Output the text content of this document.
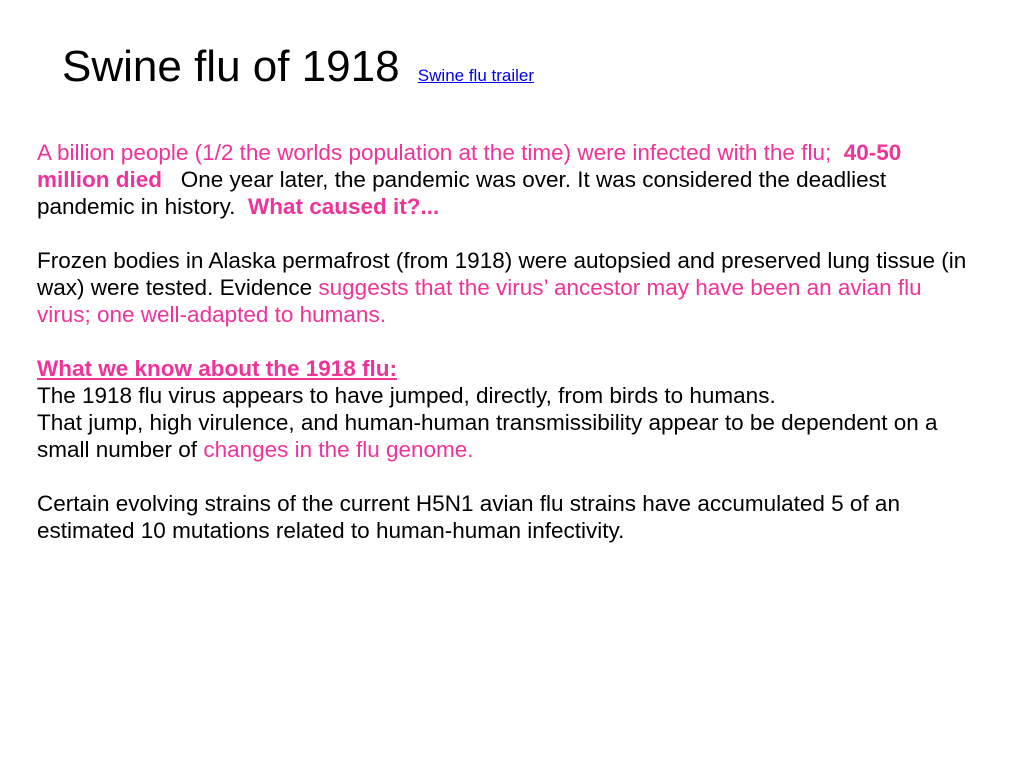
Swine flu of 1918 Swine flu trailer

A billion people (1/2 the worlds population at the time) were infected with the flu; 40-50 million died One year later, the pandemic was over. It was considered the deadliest pandemic in history. What caused it?...

Frozen bodies in Alaska permafrost (from 1918) were autopsied and preserved lung tissue (in wax) were tested. Evidence suggests that the virus’ ancestor may have been an avian flu virus; one well-adapted to humans.

What we know about the 1918 flu:
The 1918 flu virus appears to have jumped, directly, from birds to humans.
That jump, high virulence, and human-human transmissibility appear to be dependent on a small number of changes in the flu genome.

Certain evolving strains of the current H5N1 avian flu strains have accumulated 5 of an estimated 10 mutations related to human-human infectivity.
